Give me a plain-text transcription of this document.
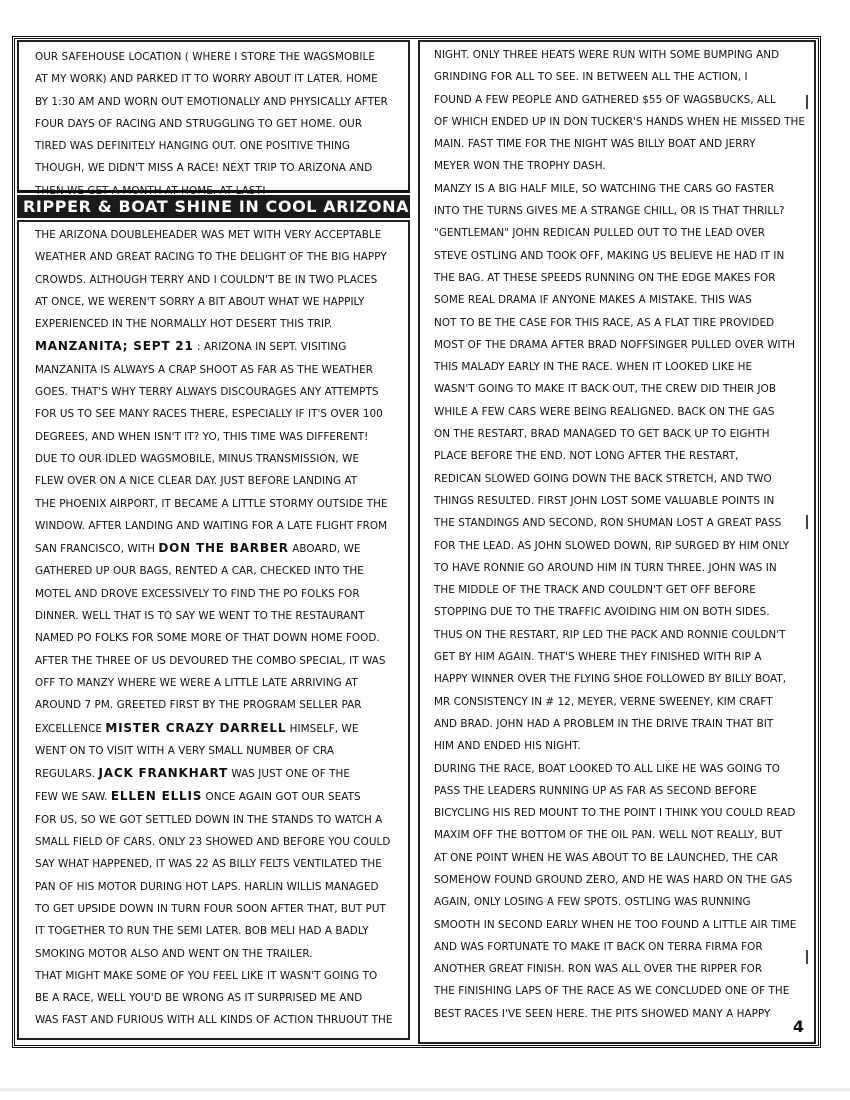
OUR SAFEHOUSE LOCATION ( WHERE I STORE THE WAGSMOBILE
AT MY WORK) AND PARKED IT TO WORRY ABOUT IT LATER. HOME
BY 1:30 AM AND WORN OUT EMOTIONALLY AND PHYSICALLY AFTER
FOUR DAYS OF RACING AND STRUGGLING TO GET HOME. OUR
TIRED WAS DEFINITELY HANGING OUT. ONE POSITIVE THING
THOUGH, WE DIDN'T MISS A RACE! NEXT TRIP TO ARIZONA AND
THEN WE GET A MONTH AT HOME. AT LAST!
RIPPER & BOAT SHINE IN COOL ARIZONA
THE ARIZONA DOUBLEHEADER WAS MET WITH VERY ACCEPTABLE
WEATHER AND GREAT RACING TO THE DELIGHT OF THE BIG HAPPY
CROWDS. ALTHOUGH TERRY AND I COULDN'T BE IN TWO PLACES
AT ONCE, WE WEREN'T SORRY A BIT ABOUT WHAT WE HAPPILY
EXPERIENCED IN THE NORMALLY HOT DESERT THIS TRIP.
MANZANITA; SEPT 21 : ARIZONA IN SEPT. VISITING
MANZANITA IS ALWAYS A CRAP SHOOT AS FAR AS THE WEATHER
GOES. THAT'S WHY TERRY ALWAYS DISCOURAGES ANY ATTEMPTS
FOR US TO SEE MANY RACES THERE, ESPECIALLY IF IT'S OVER 100
DEGREES, AND WHEN ISN'T IT? YO, THIS TIME WAS DIFFERENT!
DUE TO OUR IDLED WAGSMOBILE, MINUS TRANSMISSION, WE
FLEW OVER ON A NICE CLEAR DAY. JUST BEFORE LANDING AT
THE PHOENIX AIRPORT, IT BECAME A LITTLE STORMY OUTSIDE THE
WINDOW. AFTER LANDING AND WAITING FOR A LATE FLIGHT FROM
SAN FRANCISCO, WITH DON THE BARBER ABOARD, WE
GATHERED UP OUR BAGS, RENTED A CAR, CHECKED INTO THE
MOTEL AND DROVE EXCESSIVELY TO FIND THE PO FOLKS FOR
DINNER. WELL THAT IS TO SAY WE WENT TO THE RESTAURANT
NAMED PO FOLKS FOR SOME MORE OF THAT DOWN HOME FOOD.
AFTER THE THREE OF US DEVOURED THE COMBO SPECIAL, IT WAS
OFF TO MANZY WHERE WE WERE A LITTLE LATE ARRIVING AT
AROUND 7 PM. GREETED FIRST BY THE PROGRAM SELLER PAR
EXCELLENCE MISTER CRAZY DARRELL HIMSELF, WE
WENT ON TO VISIT WITH A VERY SMALL NUMBER OF CRA
REGULARS. JACK FRANKHART WAS JUST ONE OF THE
FEW WE SAW. ELLEN ELLIS ONCE AGAIN GOT OUR SEATS
FOR US, SO WE GOT SETTLED DOWN IN THE STANDS TO WATCH A
SMALL FIELD OF CARS. ONLY 23 SHOWED AND BEFORE YOU COULD
SAY WHAT HAPPENED, IT WAS 22 AS BILLY FELTS VENTILATED THE
PAN OF HIS MOTOR DURING HOT LAPS. HARLIN WILLIS MANAGED
TO GET UPSIDE DOWN IN TURN FOUR SOON AFTER THAT, BUT PUT
IT TOGETHER TO RUN THE SEMI LATER. BOB MELI HAD A BADLY
SMOKING MOTOR ALSO AND WENT ON THE TRAILER.
THAT MIGHT MAKE SOME OF YOU FEEL LIKE IT WASN'T GOING TO
BE A RACE, WELL YOU'D BE WRONG AS IT SURPRISED ME AND
WAS FAST AND FURIOUS WITH ALL KINDS OF ACTION THRUOUT THE
NIGHT. ONLY THREE HEATS WERE RUN WITH SOME BUMPING AND
GRINDING FOR ALL TO SEE. IN BETWEEN ALL THE ACTION, I
FOUND A FEW PEOPLE AND GATHERED $55 OF WAGSBUCKS, ALL
OF WHICH ENDED UP IN DON TUCKER'S HANDS WHEN HE MISSED THE
MAIN. FAST TIME FOR THE NIGHT WAS BILLY BOAT AND JERRY
MEYER WON THE TROPHY DASH.
MANZY IS A BIG HALF MILE, SO WATCHING THE CARS GO FASTER
INTO THE TURNS GIVES ME A STRANGE CHILL, OR IS THAT THRILL?
"GENTLEMAN" JOHN REDICAN PULLED OUT TO THE LEAD OVER
STEVE OSTLING AND TOOK OFF, MAKING US BELIEVE HE HAD IT IN
THE BAG. AT THESE SPEEDS RUNNING ON THE EDGE MAKES FOR
SOME REAL DRAMA IF ANYONE MAKES A MISTAKE. THIS WAS
NOT TO BE THE CASE FOR THIS RACE, AS A FLAT TIRE PROVIDED
MOST OF THE DRAMA AFTER BRAD NOFFSINGER PULLED OVER WITH
THIS MALADY EARLY IN THE RACE. WHEN IT LOOKED LIKE HE
WASN'T GOING TO MAKE IT BACK OUT, THE CREW DID THEIR JOB
WHILE A FEW CARS WERE BEING REALIGNED. BACK ON THE GAS
ON THE RESTART, BRAD MANAGED TO GET BACK UP TO EIGHTH
PLACE BEFORE THE END. NOT LONG AFTER THE RESTART,
REDICAN SLOWED GOING DOWN THE BACK STRETCH, AND TWO
THINGS RESULTED. FIRST JOHN LOST SOME VALUABLE POINTS IN
THE STANDINGS AND SECOND, RON SHUMAN LOST A GREAT PASS
FOR THE LEAD. AS JOHN SLOWED DOWN, RIP SURGED BY HIM ONLY
TO HAVE RONNIE GO AROUND HIM IN TURN THREE. JOHN WAS IN
THE MIDDLE OF THE TRACK AND COULDN'T GET OFF BEFORE
STOPPING DUE TO THE TRAFFIC AVOIDING HIM ON BOTH SIDES.
THUS ON THE RESTART, RIP LED THE PACK AND RONNIE COULDN'T
GET BY HIM AGAIN. THAT'S WHERE THEY FINISHED WITH RIP A
HAPPY WINNER OVER THE FLYING SHOE FOLLOWED BY BILLY BOAT,
MR CONSISTENCY IN # 12, MEYER, VERNE SWEENEY, KIM CRAFT
AND BRAD. JOHN HAD A PROBLEM IN THE DRIVE TRAIN THAT BIT
HIM AND ENDED HIS NIGHT.
DURING THE RACE, BOAT LOOKED TO ALL LIKE HE WAS GOING TO
PASS THE LEADERS RUNNING UP AS FAR AS SECOND BEFORE
BICYCLING HIS RED MOUNT TO THE POINT I THINK YOU COULD READ
MAXIM OFF THE BOTTOM OF THE OIL PAN. WELL NOT REALLY, BUT
AT ONE POINT WHEN HE WAS ABOUT TO BE LAUNCHED, THE CAR
SOMEHOW FOUND GROUND ZERO, AND HE WAS HARD ON THE GAS
AGAIN, ONLY LOSING A FEW SPOTS. OSTLING WAS RUNNING
SMOOTH IN SECOND EARLY WHEN HE TOO FOUND A LITTLE AIR TIME
AND WAS FORTUNATE TO MAKE IT BACK ON TERRA FIRMA FOR
ANOTHER GREAT FINISH. RON WAS ALL OVER THE RIPPER FOR
THE FINISHING LAPS OF THE RACE AS WE CONCLUDED ONE OF THE
BEST RACES I'VE SEEN HERE. THE PITS SHOWED MANY A HAPPY
4
